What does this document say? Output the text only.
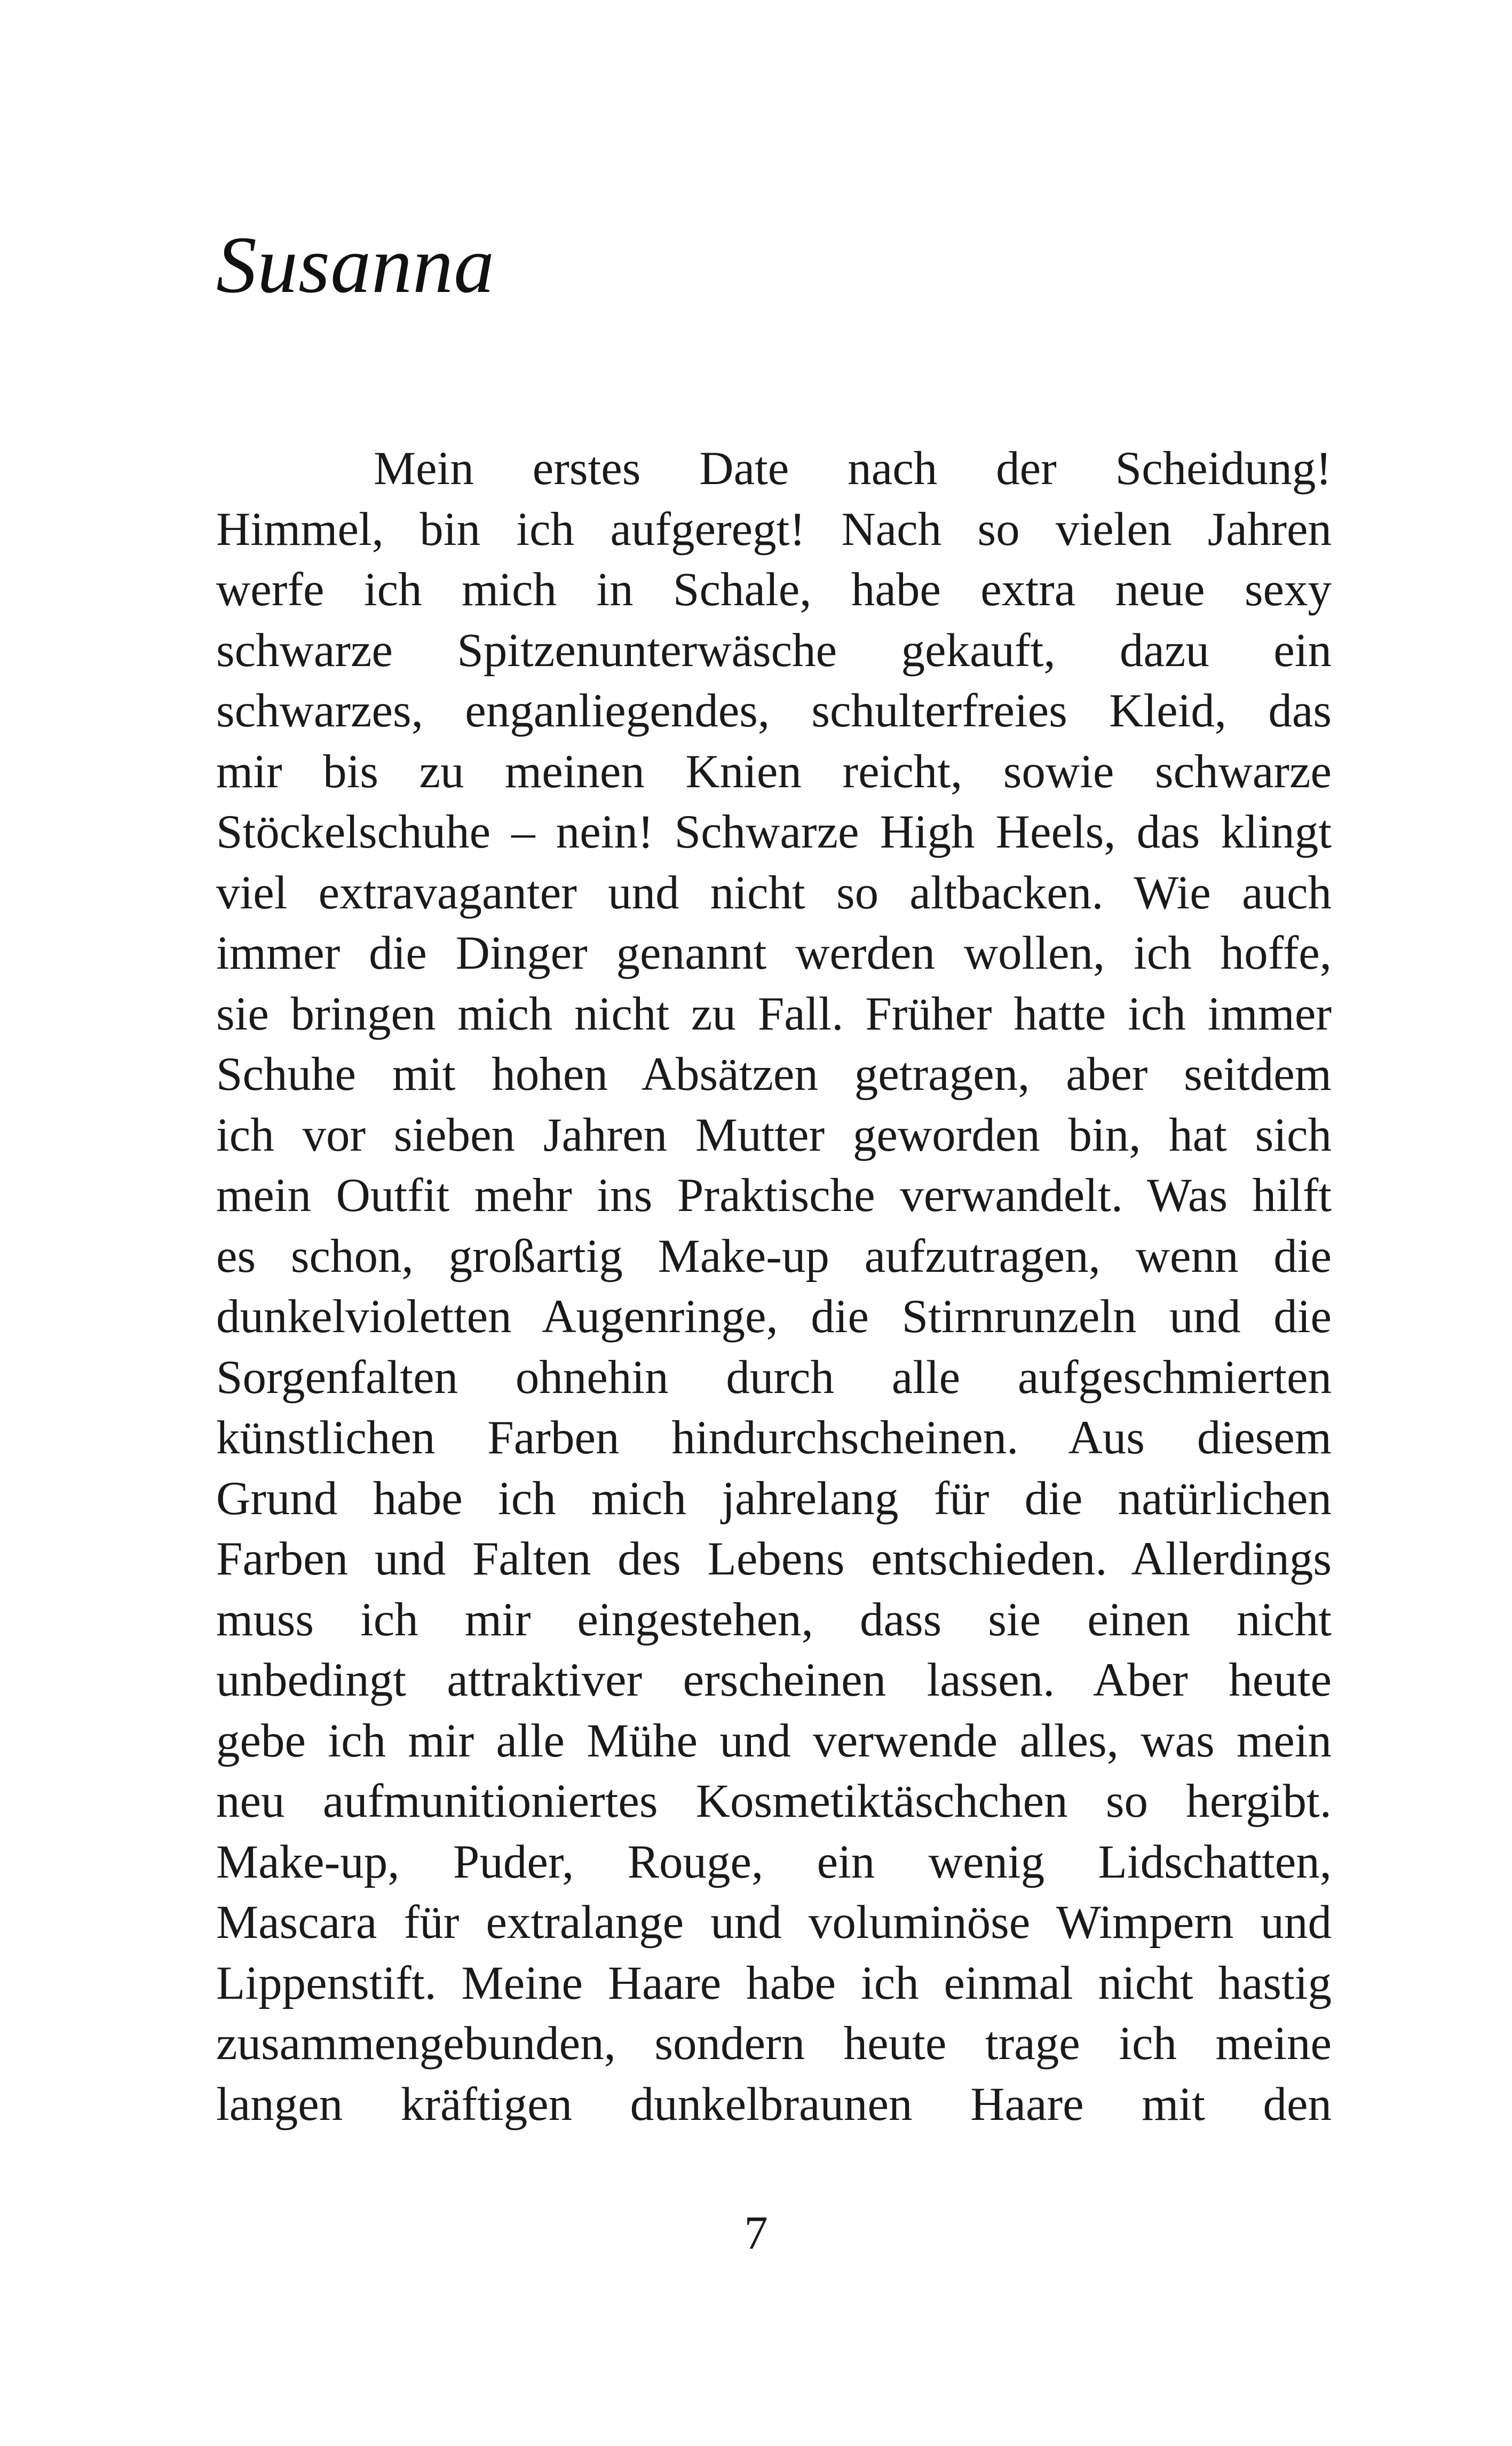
Susanna
Mein erstes Date nach der Scheidung!
Himmel, bin ich aufgeregt! Nach so vielen Jahren
werfe ich mich in Schale, habe extra neue sexy
schwarze Spitzenunterwäsche gekauft, dazu ein
schwarzes, enganliegendes, schulterfreies Kleid, das
mir bis zu meinen Knien reicht, sowie schwarze
Stöckelschuhe – nein! Schwarze High Heels, das klingt
viel extravaganter und nicht so altbacken. Wie auch
immer die Dinger genannt werden wollen, ich hoffe,
sie bringen mich nicht zu Fall. Früher hatte ich immer
Schuhe mit hohen Absätzen getragen, aber seitdem
ich vor sieben Jahren Mutter geworden bin, hat sich
mein Outfit mehr ins Praktische verwandelt. Was hilft
es schon, großartig Make-up aufzutragen, wenn die
dunkelvioletten Augenringe, die Stirnrunzeln und die
Sorgenfalten ohnehin durch alle aufgeschmierten
künstlichen Farben hindurchscheinen. Aus diesem
Grund habe ich mich jahrelang für die natürlichen
Farben und Falten des Lebens entschieden. Allerdings
muss ich mir eingestehen, dass sie einen nicht
unbedingt attraktiver erscheinen lassen. Aber heute
gebe ich mir alle Mühe und verwende alles, was mein
neu aufmunitioniertes Kosmetiktäschchen so hergibt.
Make-up, Puder, Rouge, ein wenig Lidschatten,
Mascara für extralange und voluminöse Wimpern und
Lippenstift. Meine Haare habe ich einmal nicht hastig
zusammengebunden, sondern heute trage ich meine
langen kräftigen dunkelbraunen Haare mit den

7
